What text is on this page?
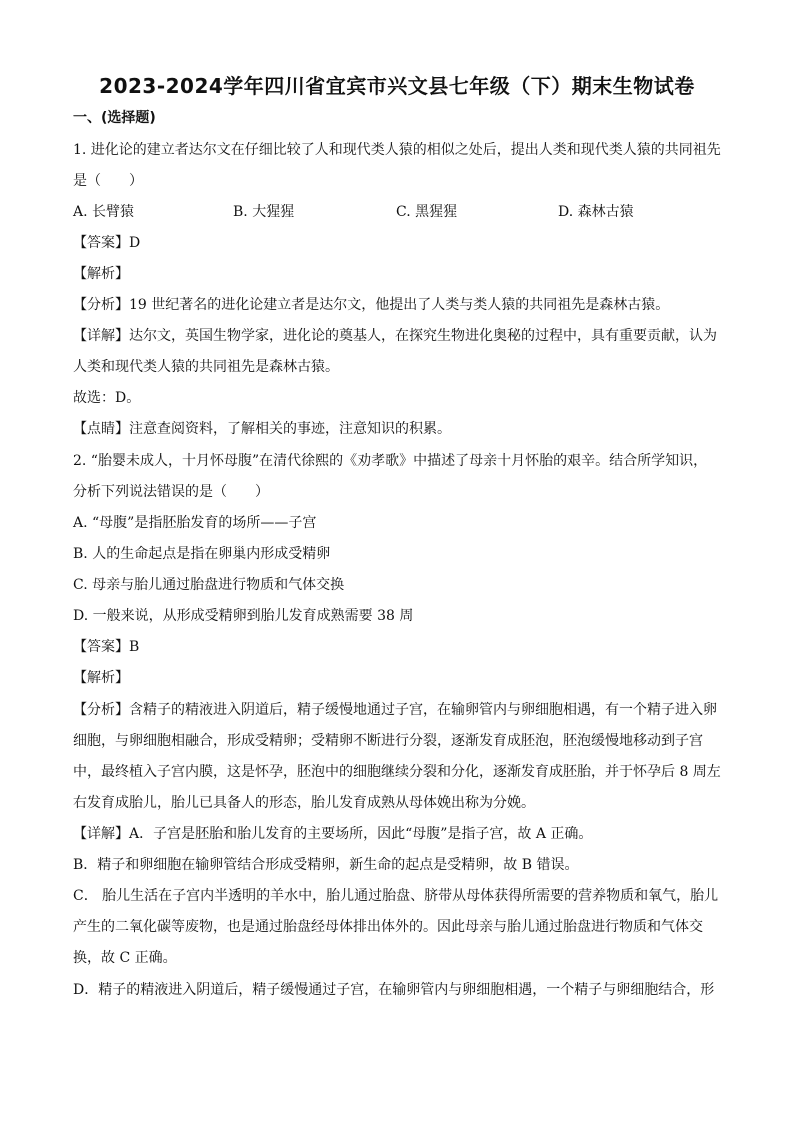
2023-2024学年四川省宜宾市兴文县七年级（下）期末生物试卷
一、(选择题)
1. 进化论的建立者达尔文在仔细比较了人和现代类人猿的相似之处后，提出人类和现代类人猿的共同祖先
是（　　）
A. 长臂猿	B. 大猩猩	C. 黑猩猩	D. 森林古猿
【答案】D
【解析】
【分析】19 世纪著名的进化论建立者是达尔文，他提出了人类与类人猿的共同祖先是森林古猿。
【详解】达尔文，英国生物学家，进化论的奠基人，在探究生物进化奥秘的过程中，具有重要贡献，认为
人类和现代类人猿的共同祖先是森林古猿。
故选：D。
【点睛】注意查阅资料，了解相关的事迹，注意知识的积累。
2. “胎婴未成人，十月怀母腹”在清代徐熙的《劝孝歌》中描述了母亲十月怀胎的艰辛。结合所学知识，
分析下列说法错误的是（　　）
A. “母腹”是指胚胎发育的场所——子宫
B. 人的生命起点是指在卵巢内形成受精卵
C. 母亲与胎儿通过胎盘进行物质和气体交换
D. 一般来说，从形成受精卵到胎儿发育成熟需要 38 周
【答案】B
【解析】
【分析】含精子的精液进入阴道后，精子缓慢地通过子宫，在输卵管内与卵细胞相遇，有一个精子进入卵
细胞，与卵细胞相融合，形成受精卵；受精卵不断进行分裂，逐渐发育成胚泡，胚泡缓慢地移动到子宫
中，最终植入子宫内膜，这是怀孕，胚泡中的细胞继续分裂和分化，逐渐发育成胚胎，并于怀孕后 8 周左
右发育成胎儿，胎儿已具备人的形态，胎儿发育成熟从母体娩出称为分娩。
【详解】A．子宫是胚胎和胎儿发育的主要场所，因此“母腹”是指子宫，故 A 正确。
B．精子和卵细胞在输卵管结合形成受精卵，新生命的起点是受精卵，故 B 错误。
C． 胎儿生活在子宫内半透明的羊水中，胎儿通过胎盘、脐带从母体获得所需要的营养物质和氧气，胎儿
产生的二氧化碳等废物，也是通过胎盘经母体排出体外的。因此母亲与胎儿通过胎盘进行物质和气体交
换，故 C 正确。
D．精子的精液进入阴道后，精子缓慢通过子宫，在输卵管内与卵细胞相遇，一个精子与卵细胞结合，形
